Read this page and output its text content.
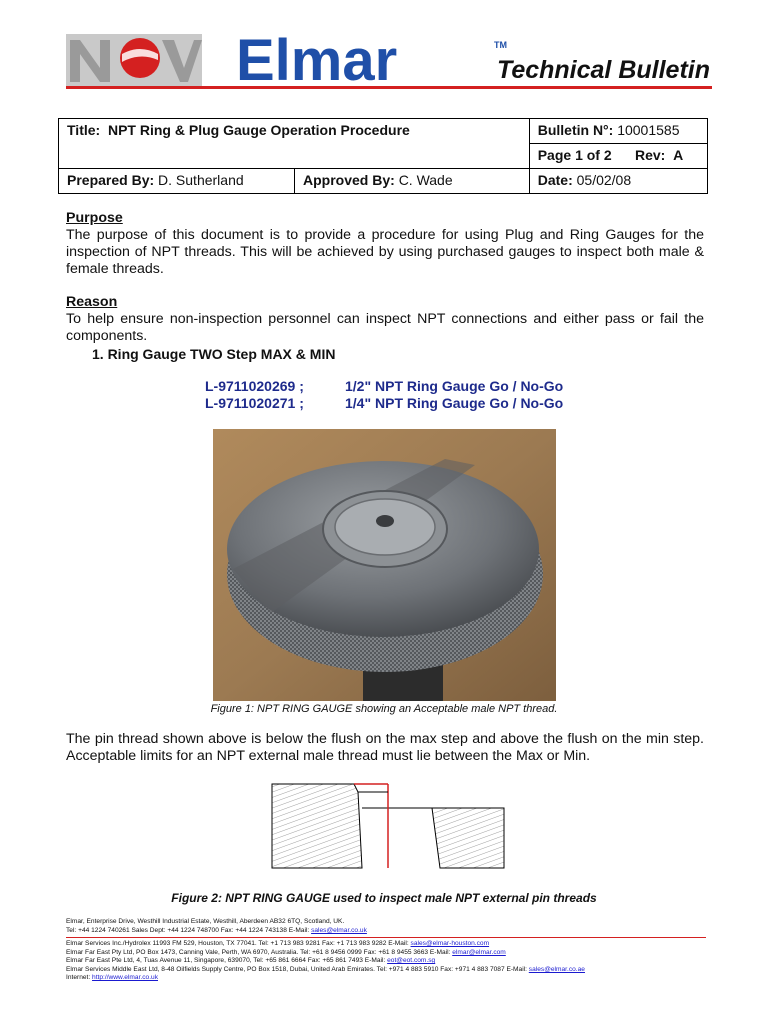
Elmar	TM
Technical Bulletin
Title: NPT Ring & Plug Gauge Operation Procedure		Bulletin N°: 10001585
		Page 1 of 2 Rev: A
Prepared By: D. Sutherland	Approved By: C. Wade	Date: 05/02/08
Purpose
The purpose of this document is to provide a procedure for using Plug and Ring Gauges for the inspection of NPT threads. This will be achieved by using purchased gauges to inspect both male & female threads.
Reason
To help ensure non-inspection personnel can inspect NPT connections and either pass or fail the components.
1. Ring Gauge TWO Step MAX & MIN
L-9711020269 ;	1/2" NPT Ring Gauge Go / No-Go
L-9711020271 ;	1/4" NPT Ring Gauge Go / No-Go
Figure 1: NPT RING GAUGE showing an Acceptable male NPT thread.
The pin thread shown above is below the flush on the max step and above the flush on the min step. Acceptable limits for an NPT external male thread must lie between the Max or Min.
Figure 2: NPT RING GAUGE used to inspect male NPT external pin threads
Elmar, Enterprise Drive, Westhill Industrial Estate, Westhill, Aberdeen AB32 6TQ, Scotland, UK.
Tel: +44 1224 740261 Sales Dept: +44 1224 748700 Fax: +44 1224 743138 E-Mail: sales@elmar.co.uk
Elmar Services Inc./Hydrolex 11993 FM 529, Houston, TX 77041. Tel: +1 713 983 9281 Fax: +1 713 983 9282 E-Mail: sales@elmar-houston.com
Elmar Far East Pty Ltd, PO Box 1473, Canning Vale, Perth, WA 6970, Australia. Tel: +61 8 9456 0999 Fax: +61 8 9455 3663 E-Mail: elmar@elmar.com
Elmar Far East Pte Ltd, 4, Tuas Avenue 11, Singapore, 639070, Tel: +65 861 6664 Fax: +65 861 7493 E-Mail: eot@eot.com.sg
Elmar Services Middle East Ltd, 8-48 Oilfields Supply Centre, PO Box 1518, Dubai, United Arab Emirates. Tel: +971 4 883 5910 Fax: +971 4 883 7087 E-Mail: sales@elmar.co.ae
Internet: http://www.elmar.co.uk
